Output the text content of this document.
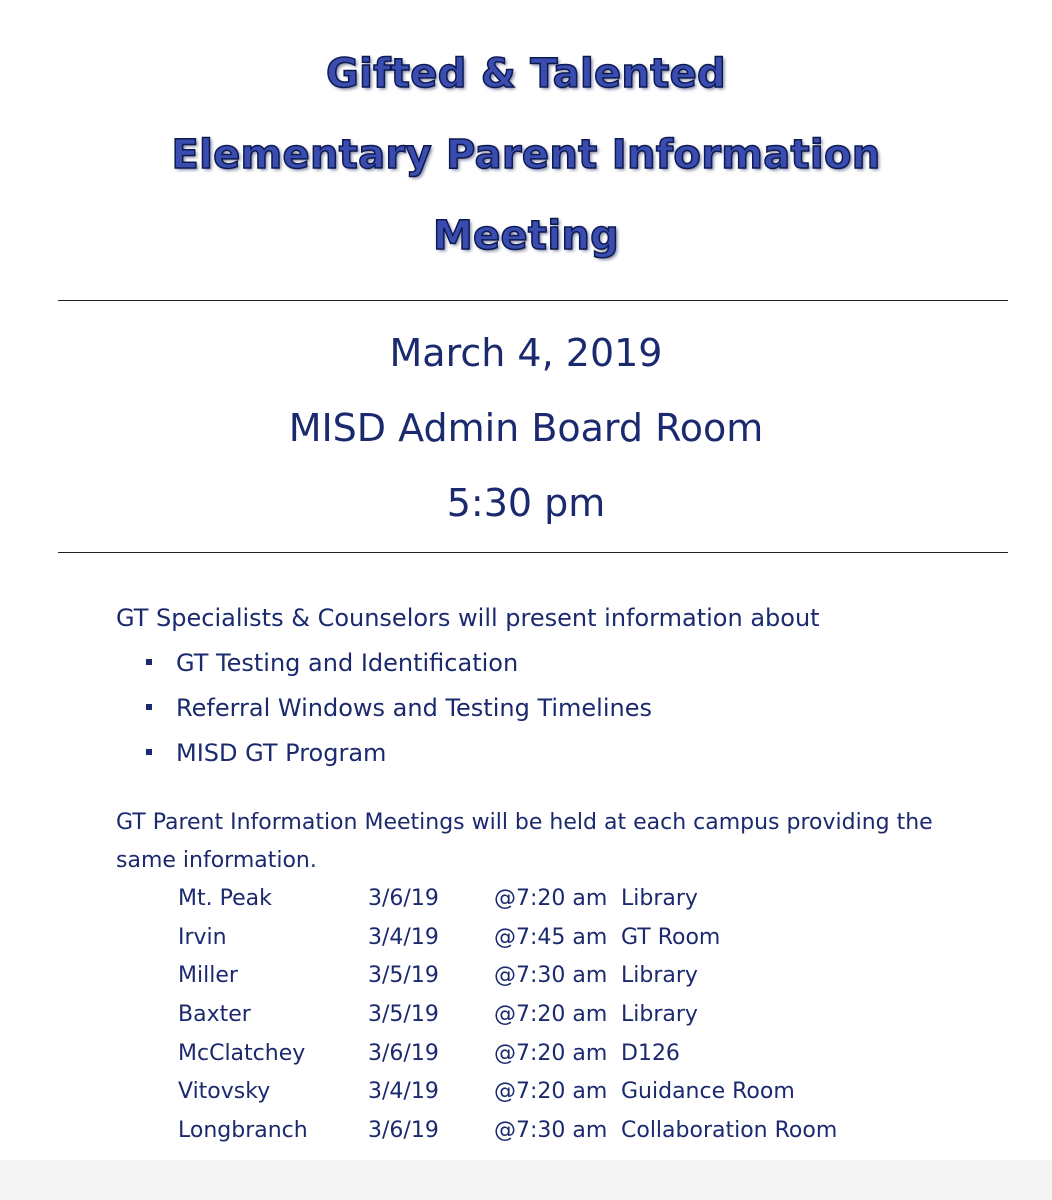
Gifted & Talented
Elementary Parent Information
Meeting
March 4, 2019
MISD Admin Board Room
5:30 pm
GT Specialists & Counselors will present information about
GT Testing and Identification
Referral Windows and Testing Timelines
MISD GT Program
GT Parent Information Meetings will be held at each campus providing the same information.
Mt. Peak	3/6/19	@7:20 am Library
Irvin	3/4/19	@7:45 am GT Room
Miller	3/5/19	@7:30 am Library
Baxter	3/5/19	@7:20 am Library
McClatchey	3/6/19	@7:20 am D126
Vitovsky	3/4/19	@7:20 am Guidance Room
Longbranch	3/6/19	@7:30 am Collaboration Room
